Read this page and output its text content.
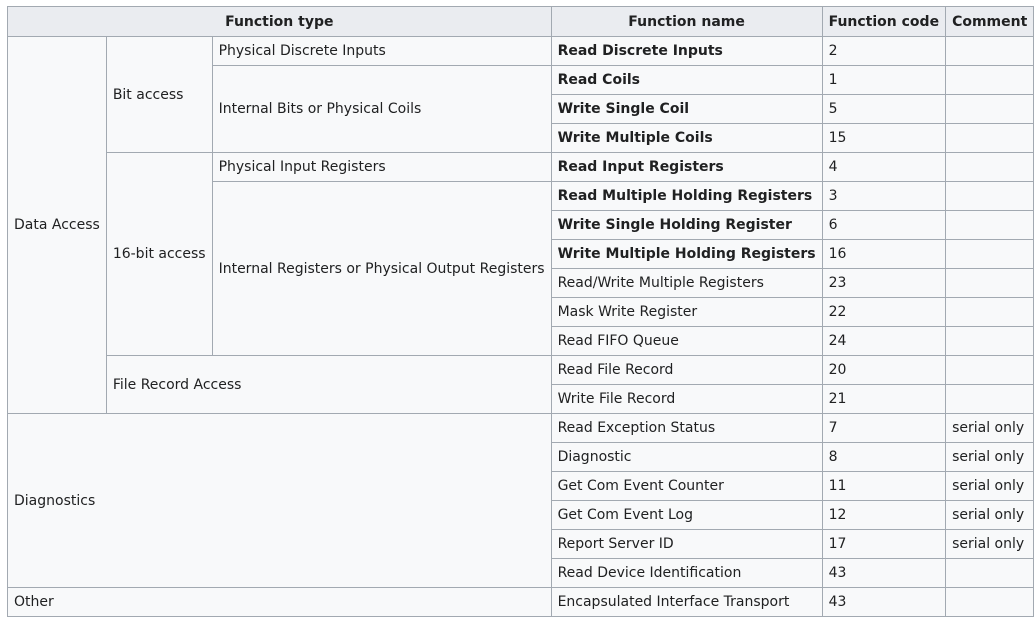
Function type			Function name	Function code	Comment
Data Access	Bit access	Physical Discrete Inputs	Read Discrete Inputs	2	
		Internal Bits or Physical Coils	Read Coils	1	
			Write Single Coil	5	
			Write Multiple Coils	15	
	16-bit access	Physical Input Registers	Read Input Registers	4	
		Internal Registers or Physical Output Registers	Read Multiple Holding Registers	3	
			Write Single Holding Register	6	
			Write Multiple Holding Registers	16	
			Read/Write Multiple Registers	23	
			Mask Write Register	22	
			Read FIFO Queue	24	
	File Record Access		Read File Record	20	
			Write File Record	21	
Diagnostics			Read Exception Status	7	serial only
			Diagnostic	8	serial only
			Get Com Event Counter	11	serial only
			Get Com Event Log	12	serial only
			Report Server ID	17	serial only
			Read Device Identification	43	
Other			Encapsulated Interface Transport	43	
